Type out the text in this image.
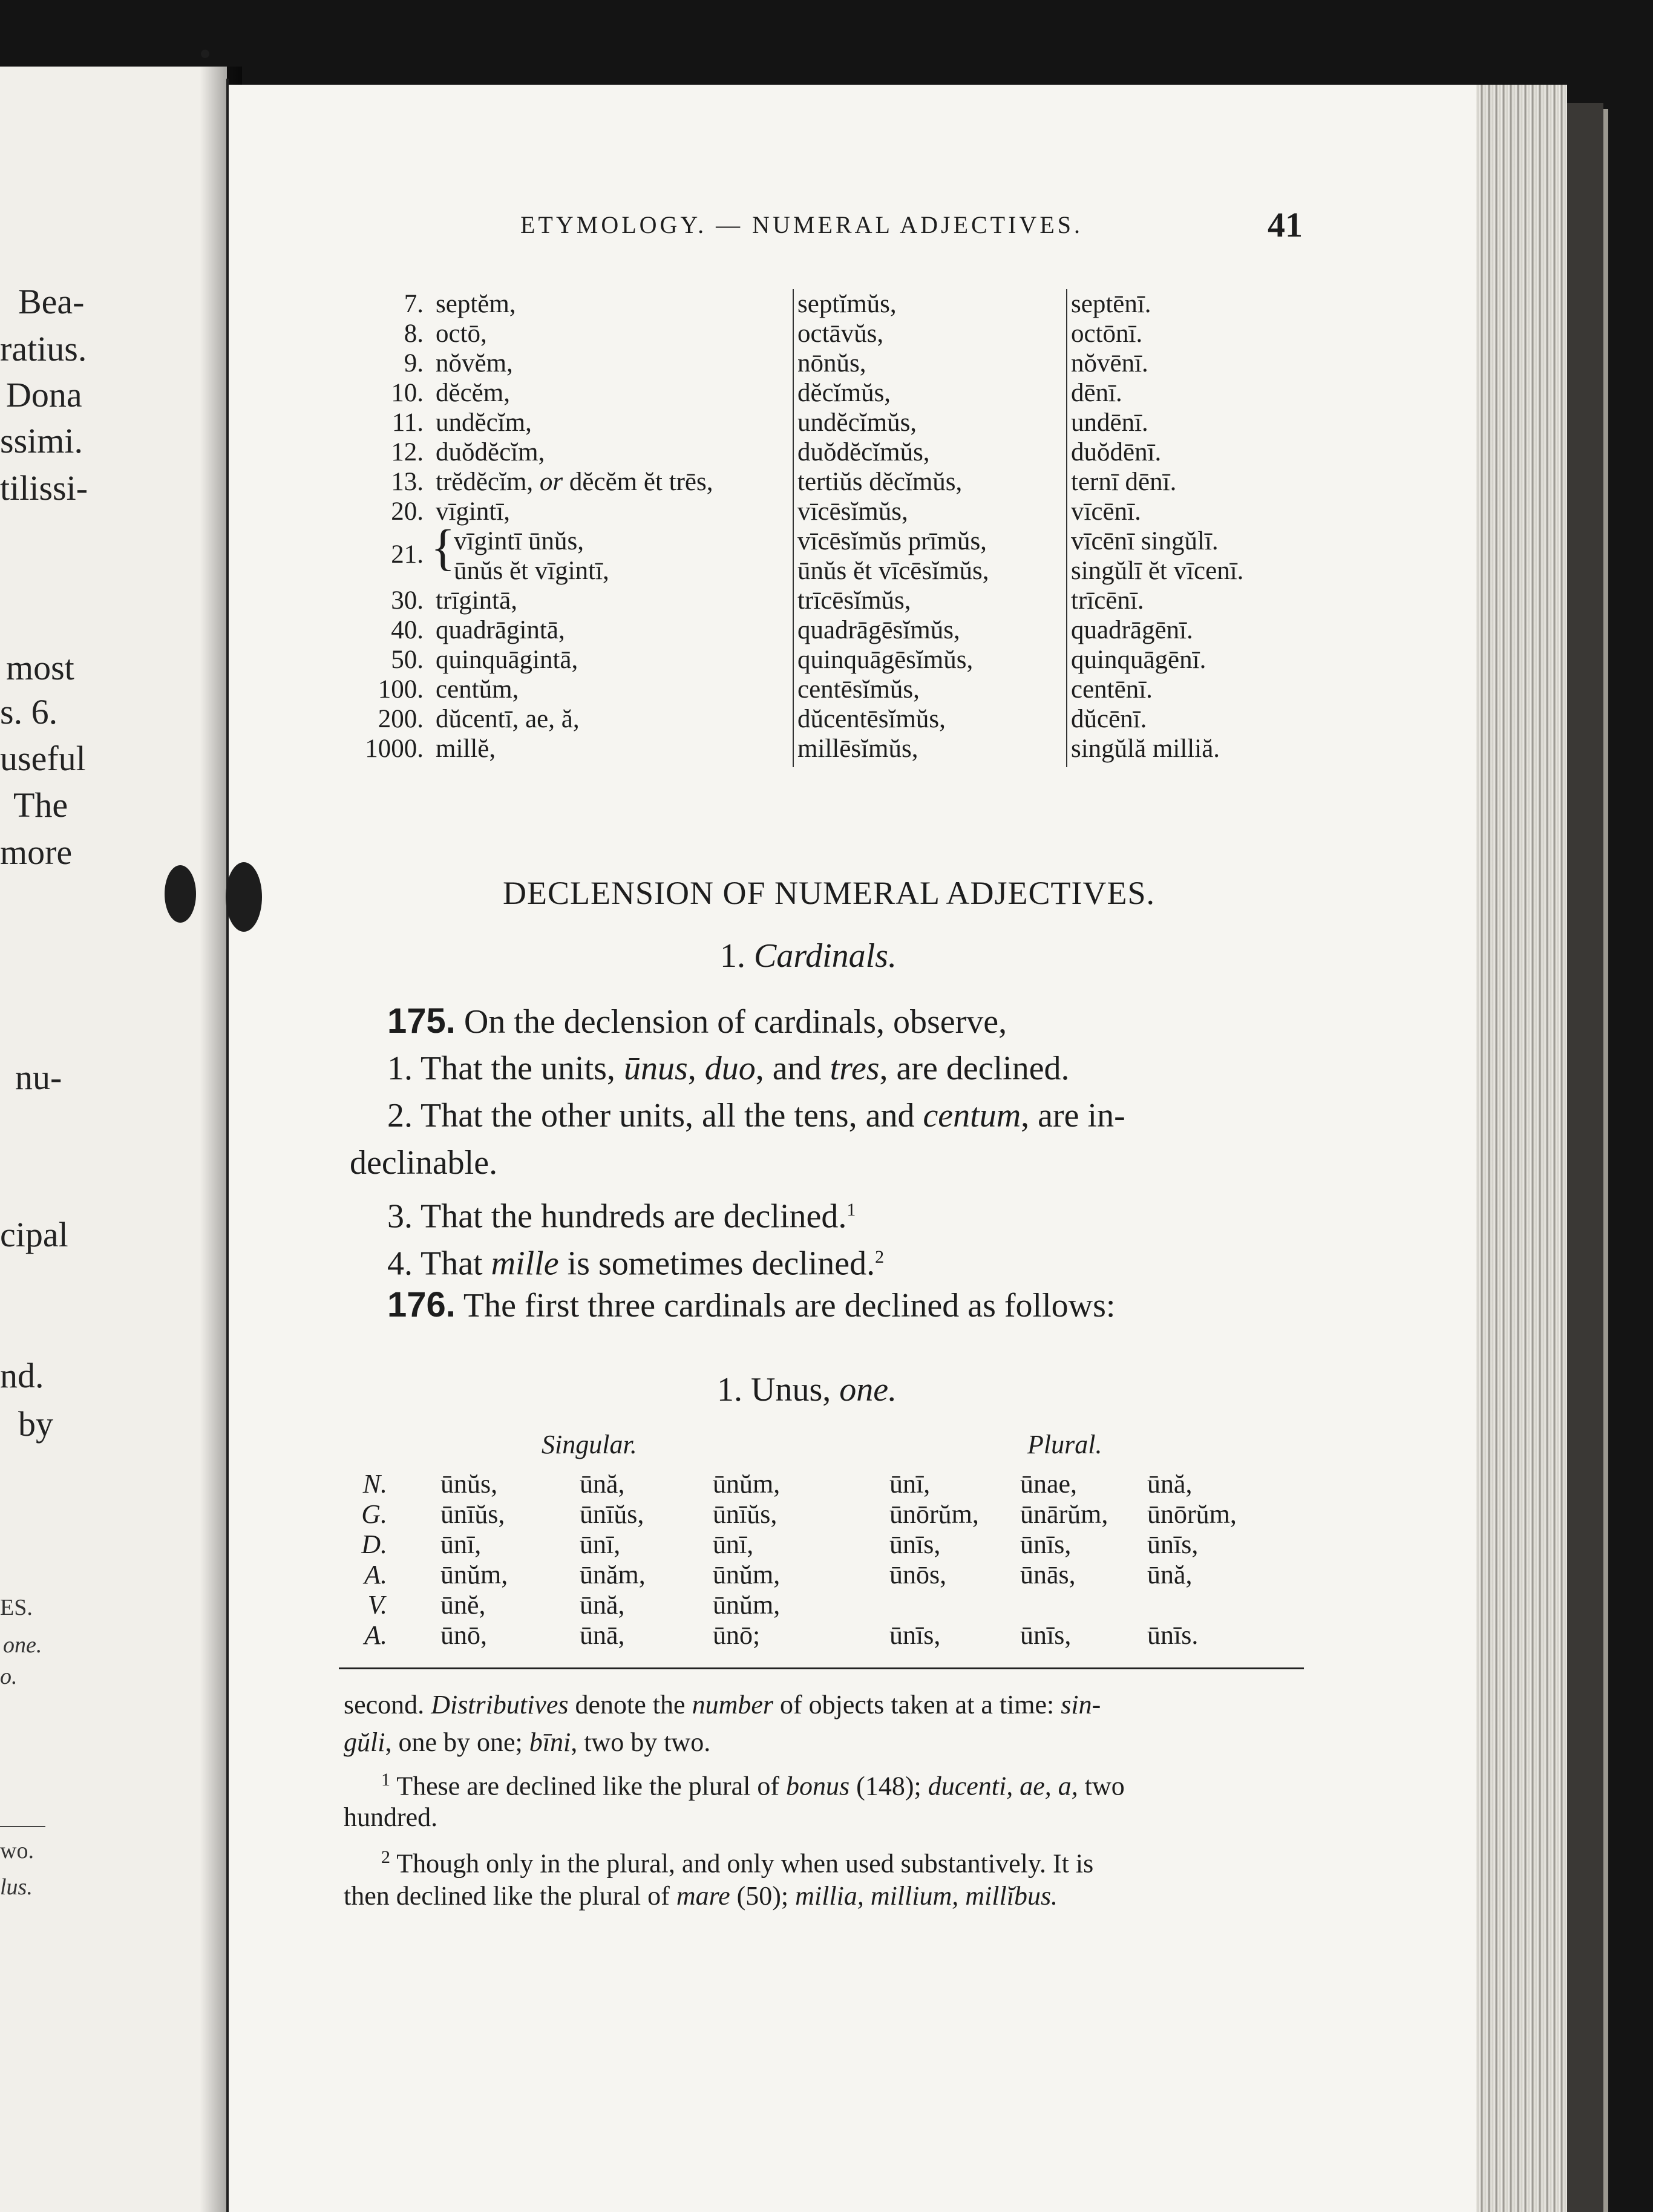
Bea-
ratius.
Dona
ssimi.
tilissi-
most
s. 6.
useful
The
more
nu-
cipal
nd.
by
ES.
one.
o.
wo.
lus.
ETYMOLOGY. — NUMERAL ADJECTIVES.	41
7. septĕm,	septĭmŭs,	septēnī.
8. octō,	octāvŭs,	octōnī.
9. nŏvĕm,	nōnŭs,	nŏvēnī.
10. dĕcĕm,	dĕcĭmŭs,	dēnī.
11. undĕcĭm,	undĕcĭmŭs,	undēnī.
12. duŏdĕcĭm,	duŏdĕcĭmŭs,	duŏdēnī.
13. trĕdĕcĭm, or dĕcĕm ĕt trēs,	tertiŭs dĕcĭmŭs,	ternī dēnī.
20. vīgintī,	vīcēsĭmŭs,	vīcēnī.
21. {
vīgintī ūnŭs,	vīcēsĭmŭs prīmŭs,	vīcēnī singŭlī.
ūnŭs ĕt vīgintī,	ūnŭs ĕt vīcēsĭmŭs,	singŭlī ĕt vīcenī.
30. trīgintā,	trīcēsĭmŭs,	trīcēnī.
40. quadrāgintā,	quadrāgēsĭmŭs,	quadrāgēnī.
50. quinquāgintā,	quinquāgēsĭmŭs,	quinquāgēnī.
100. centŭm,	centēsĭmŭs,	centēnī.
200. dŭcentī, ae, ă,	dŭcentēsĭmŭs,	dŭcēnī.
1000. millĕ,	millēsĭmŭs,	singŭlă milliă.
DECLENSION OF NUMERAL ADJECTIVES.
1. Cardinals.
175. On the declension of cardinals, observe,
1. That the units, ūnus, duo, and tres, are declined.
2. That the other units, all the tens, and centum, are in-
declinable.
3. That the hundreds are declined.$^1$
4. That mille is sometimes declined.$^2$
176. The first three cardinals are declined as follows:
1. Unus, one.
Singular.	Plural.
N. ūnŭs,	ūnă,	ūnŭm,	ūnī,	ūnae,	ūnă,
G. ūnīŭs,	ūnīŭs,	ūnīŭs,	ūnōrŭm, ūnārŭm, ūnōrŭm,
D. ūnī,	ūnī,	ūnī,	ūnīs,	ūnīs,	ūnīs,
A. ūnŭm,	ūnăm,	ūnŭm,	ūnōs,	ūnās,	ūnă,
V. ūnĕ,	ūnă,	ūnŭm,
A. ūnō,	ūnā,	ūnō;	ūnīs,	ūnīs,	ūnīs.
second. Distributives denote the number of objects taken at a time: sin-
gŭli, one by one; bīni, two by two.
$^1$ These are declined like the plural of bonus (148); ducenti, ae, a, two
hundred.
$^2$ Though only in the plural, and only when used substantively. It is
then declined like the plural of mare (50); millia, millium, millĭbus.
